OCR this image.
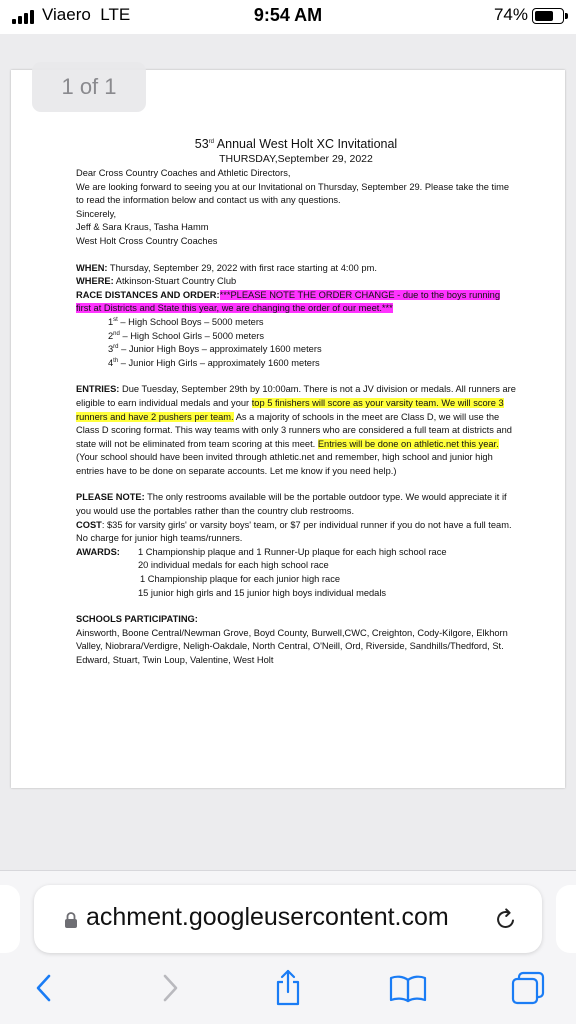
Viaero LTE	9:54 AM	74%
1 of 1

53rd Annual West Holt XC Invitational

THURSDAY,September 29, 2022

Dear Cross Country Coaches and Athletic Directors,

We are looking forward to seeing you at our Invitational on Thursday, September 29. Please take the time to read the information below and contact us with any questions.

Sincerely,

Jeff & Sara Kraus, Tasha Hamm

West Holt Cross Country Coaches

WHEN: Thursday, September 29, 2022 with first race starting at 4:00 pm.

WHERE: Atkinson-Stuart Country Club

RACE DISTANCES AND ORDER:***PLEASE NOTE THE ORDER CHANGE - due to the boys running first at Districts and State this year, we are changing the order of our meet.***

1st – High School Boys – 5000 meters

2nd – High School Girls – 5000 meters

3rd – Junior High Boys – approximately 1600 meters

4th – Junior High Girls – approximately 1600 meters

ENTRIES: Due Tuesday, September 29th by 10:00am. There is not a JV division or medals. All runners are eligible to earn individual medals and your top 5 finishers will score as your varsity team. We will score 3 runners and have 2 pushers per team. As a majority of schools in the meet are Class D, we will use the Class D scoring format. This way teams with only 3 runners who are considered a full team at districts and state will not be eliminated from team scoring at this meet. Entries will be done on athletic.net this year. (Your school should have been invited through athletic.net and remember, high school and junior high entries have to be done on separate accounts. Let me know if you need help.)

PLEASE NOTE: The only restrooms available will be the portable outdoor type. We would appreciate it if you would use the portables rather than the country club restrooms.

COST: $35 for varsity girls' or varsity boys' team, or $7 per individual runner if you do not have a full team. No charge for junior high teams/runners.

AWARDS:	1 Championship plaque and 1 Runner-Up plaque for each high school race

20 individual medals for each high school race

1 Championship plaque for each junior high race

15 junior high girls and 15 junior high boys individual medals

SCHOOLS PARTICIPATING:

Ainsworth, Boone Central/Newman Grove, Boyd County, Burwell,CWC, Creighton, Cody-Kilgore, Elkhorn Valley, Niobrara/Verdigre, Neligh-Oakdale, North Central, O'Neill, Ord, Riverside, Sandhills/Thedford, St. Edward, Stuart, Twin Loup, Valentine, West Holt

achment.googleusercontent.com
